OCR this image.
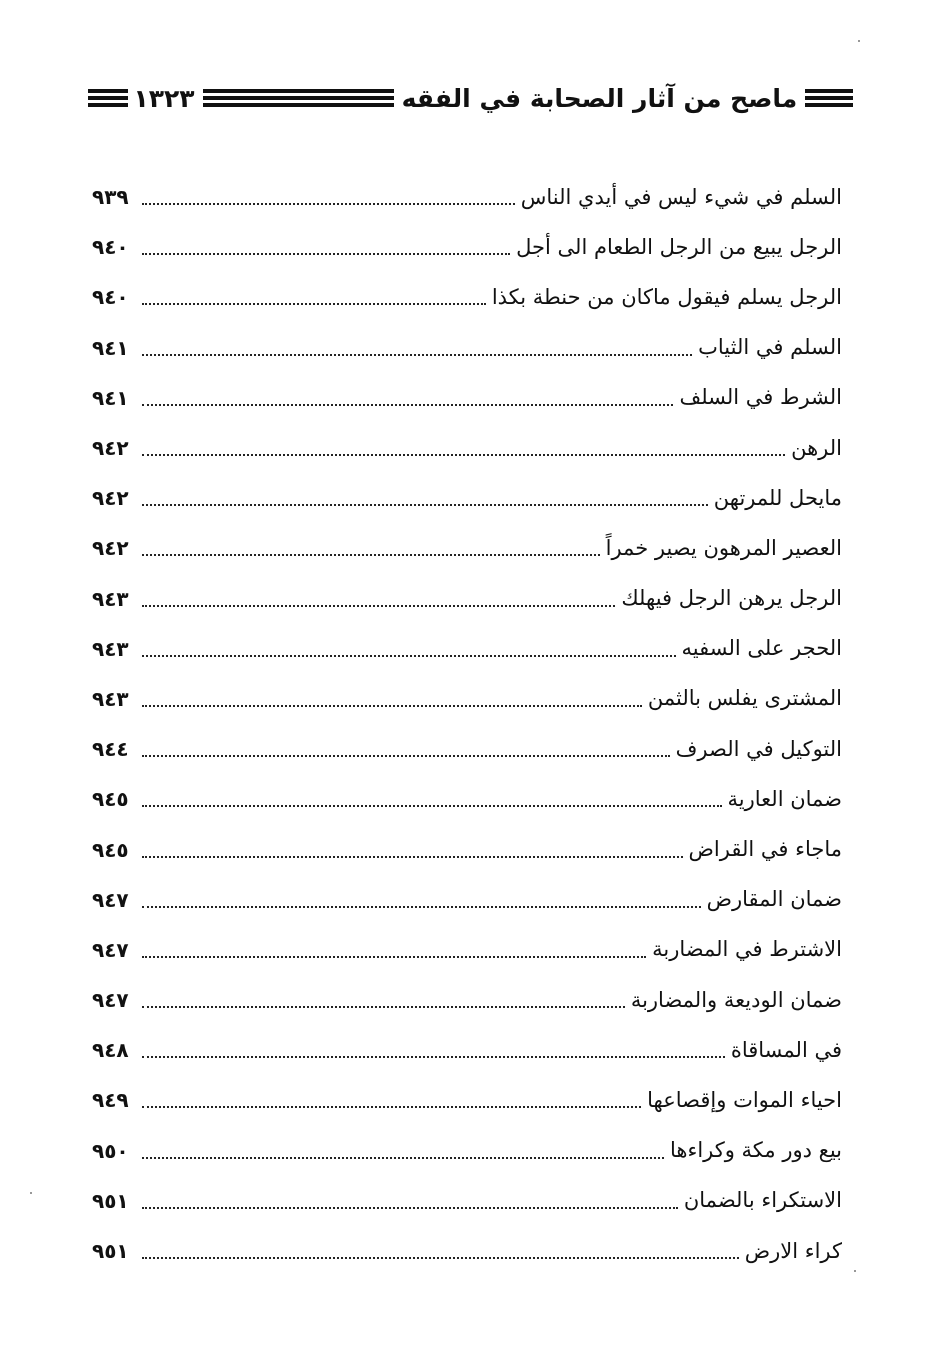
ماصح من آثار الصحابة في الفقه
١٣٢٣
السلم في شيء ليس في أيدي الناس
٩٣٩
الرجل يبيع من الرجل الطعام الى أجل
٩٤٠
الرجل يسلم فيقول ماكان من حنطة بكذا
٩٤٠
السلم في الثياب
٩٤١
الشرط في السلف
٩٤١
الرهن
٩٤٢
مايحل للمرتهن
٩٤٢
العصير المرهون يصير خمراً
٩٤٢
الرجل يرهن الرجل فيهلك
٩٤٣
الحجر على السفيه
٩٤٣
المشترى يفلس بالثمن
٩٤٣
التوكيل في الصرف
٩٤٤
ضمان العارية
٩٤٥
ماجاء في القراض
٩٤٥
ضمان المقارض
٩٤٧
الاشترط في المضاربة
٩٤٧
ضمان الوديعة والمضاربة
٩٤٧
في المساقاة
٩٤٨
احياء الموات وإقصاعها
٩٤٩
بيع دور مكة وكراءها
٩٥٠
الاستكراء بالضمان
٩٥١
كراء الارض
٩٥١
